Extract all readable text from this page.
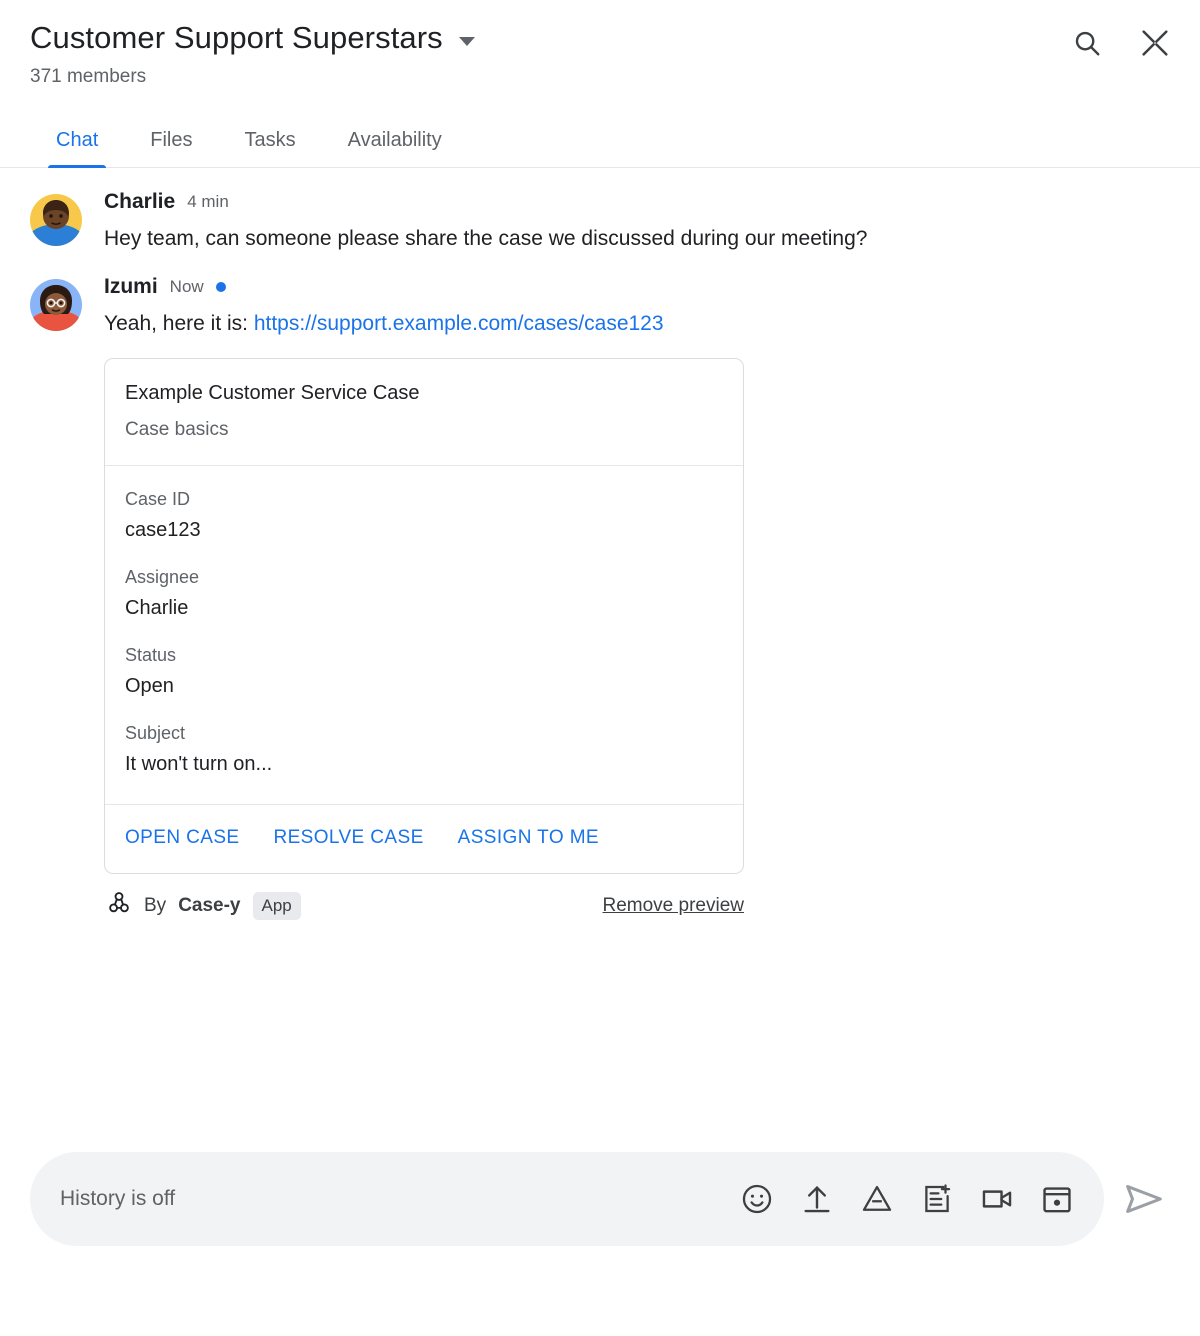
Customer Support Superstars
371 members
Chat	Files	Tasks	Availability
Charlie 4 min
Hey team, can someone please share the case we discussed during our meeting?
Izumi Now
Yeah, here it is: https://support.example.com/cases/case123
Example Customer Service Case
Case basics
Case ID
case123
Assignee
Charlie
Status
Open
Subject
It won't turn on...
OPEN CASE RESOLVE CASE ASSIGN TO ME
By Case-y	App	Remove preview
History is off
